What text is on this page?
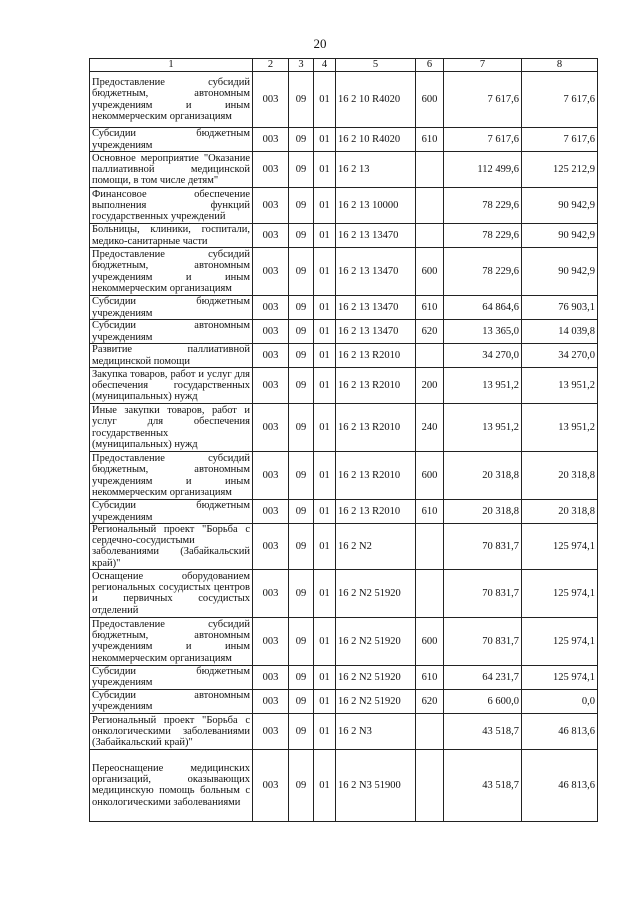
20
1	2	3	4	5	6	7	8
Предоставление субсидий бюджетным, автономным учреждениям и иным некоммерческим организациям	003	09	01	16 2 10 R4020	600	7 617,6	7 617,6
Субсидии бюджетным учреждениям	003	09	01	16 2 10 R4020	610	7 617,6	7 617,6
Основное мероприятие "Оказание паллиативной медицинской помощи, в том числе детям"	003	09	01	16 2 13		112 499,6	125 212,9
Финансовое обеспечение выполнения функций государственных учреждений	003	09	01	16 2 13 10000		78 229,6	90 942,9
Больницы, клиники, госпитали, медико-санитарные части	003	09	01	16 2 13 13470		78 229,6	90 942,9
Предоставление субсидий бюджетным, автономным учреждениям и иным некоммерческим организациям	003	09	01	16 2 13 13470	600	78 229,6	90 942,9
Субсидии бюджетным учреждениям	003	09	01	16 2 13 13470	610	64 864,6	76 903,1
Субсидии автономным учреждениям	003	09	01	16 2 13 13470	620	13 365,0	14 039,8
Развитие паллиативной медицинской помощи	003	09	01	16 2 13 R2010		34 270,0	34 270,0
Закупка товаров, работ и услуг для обеспечения государственных (муниципальных) нужд	003	09	01	16 2 13 R2010	200	13 951,2	13 951,2
Иные закупки товаров, работ и услуг для обеспечения государственных (муниципальных) нужд	003	09	01	16 2 13 R2010	240	13 951,2	13 951,2
Предоставление субсидий бюджетным, автономным учреждениям и иным некоммерческим организациям	003	09	01	16 2 13 R2010	600	20 318,8	20 318,8
Субсидии бюджетным учреждениям	003	09	01	16 2 13 R2010	610	20 318,8	20 318,8
Региональный проект "Борьба с сердечно-сосудистыми заболеваниями (Забайкальский край)"	003	09	01	16 2 N2		70 831,7	125 974,1
Оснащение оборудованием региональных сосудистых центров и первичных сосудистых отделений	003	09	01	16 2 N2 51920		70 831,7	125 974,1
Предоставление субсидий бюджетным, автономным учреждениям и иным некоммерческим организациям	003	09	01	16 2 N2 51920	600	70 831,7	125 974,1
Субсидии бюджетным учреждениям	003	09	01	16 2 N2 51920	610	64 231,7	125 974,1
Субсидии автономным учреждениям	003	09	01	16 2 N2 51920	620	6 600,0	0,0
Региональный проект "Борьба с онкологическими заболеваниями (Забайкальский край)"	003	09	01	16 2 N3		43 518,7	46 813,6
Переоснащение медицинских организаций, оказывающих медицинскую помощь больным с онкологическими заболеваниями	003	09	01	16 2 N3 51900		43 518,7	46 813,6
